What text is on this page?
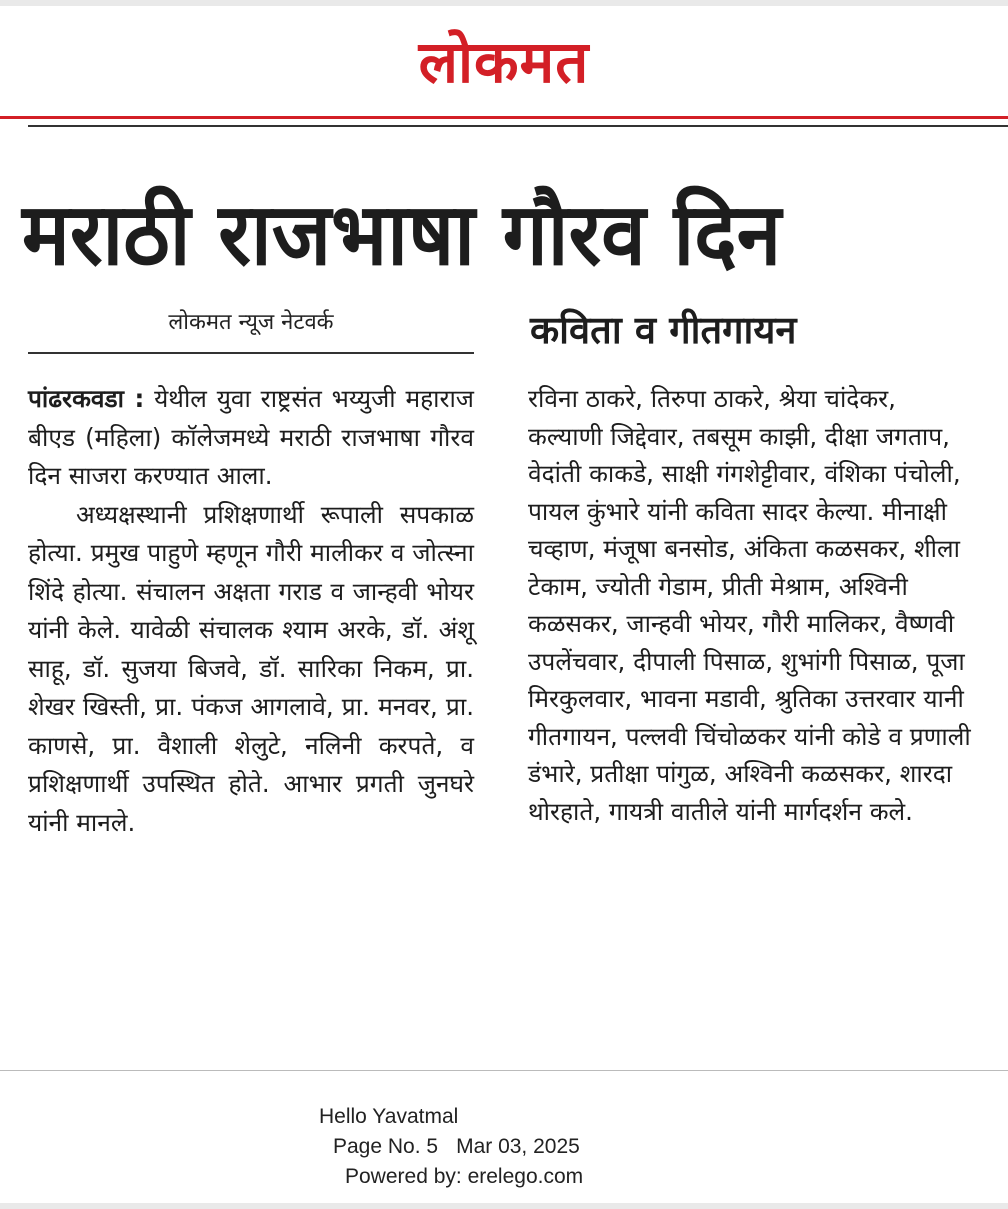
लोकमत
मराठी राजभाषा गौरव दिन
लोकमत न्यूज नेटवर्क

पांढरकवडा : येथील युवा राष्ट्रसंत भय्युजी महाराज बीएड (महिला) कॉलेजमध्ये मराठी राजभाषा गौरव दिन साजरा करण्यात आला.

अध्यक्षस्थानी प्रशिक्षणार्थी रूपाली सपकाळ होत्या. प्रमुख पाहुणे म्हणून गौरी मालीकर व जोत्स्ना शिंदे होत्या. संचालन अक्षता गराड व जान्हवी भोयर यांनी केले. यावेळी संचालक श्याम अरके, डॉ. अंशू साहू, डॉ. सुजया बिजवे, डॉ. सारिका निकम, प्रा. शेखर खिस्ती, प्रा. पंकज आगलावे, प्रा. मनवर, प्रा. काणसे, प्रा. वैशाली शेलुटे, नलिनी करपते, व प्रशिक्षणार्थी उपस्थित होते. आभार प्रगती जुनघरे यांनी मानले.

कविता व गीतगायन

रविना ठाकरे, तिरुपा ठाकरे, श्रेया चांदेकर, कल्याणी जिद्देवार, तबसूम काझी, दीक्षा जगताप, वेदांती काकडे, साक्षी गंगशेट्टीवार, वंशिका पंचोली, पायल कुंभारे यांनी कविता सादर केल्या. मीनाक्षी चव्हाण, मंजूषा बनसोड, अंकिता कळसकर, शीला टेकाम, ज्योती गेडाम, प्रीती मेश्राम, अश्विनी कळसकर, जान्हवी भोयर, गौरी मालिकर, वैष्णवी उपलेंचवार, दीपाली पिसाळ, शुभांगी पिसाळ, पूजा मिरकुलवार, भावना मडावी, श्रुतिका उत्तरवार यानी गीतगायन, पल्लवी चिंचोळकर यांनी कोडे व प्रणाली डंभारे, प्रतीक्षा पांगुळ, अश्विनी कळसकर, शारदा थोरहाते, गायत्री वातीले यांनी मार्गदर्शन कले.

Hello Yavatmal
Page No. 5 Mar 03, 2025
Powered by: erelego.com
